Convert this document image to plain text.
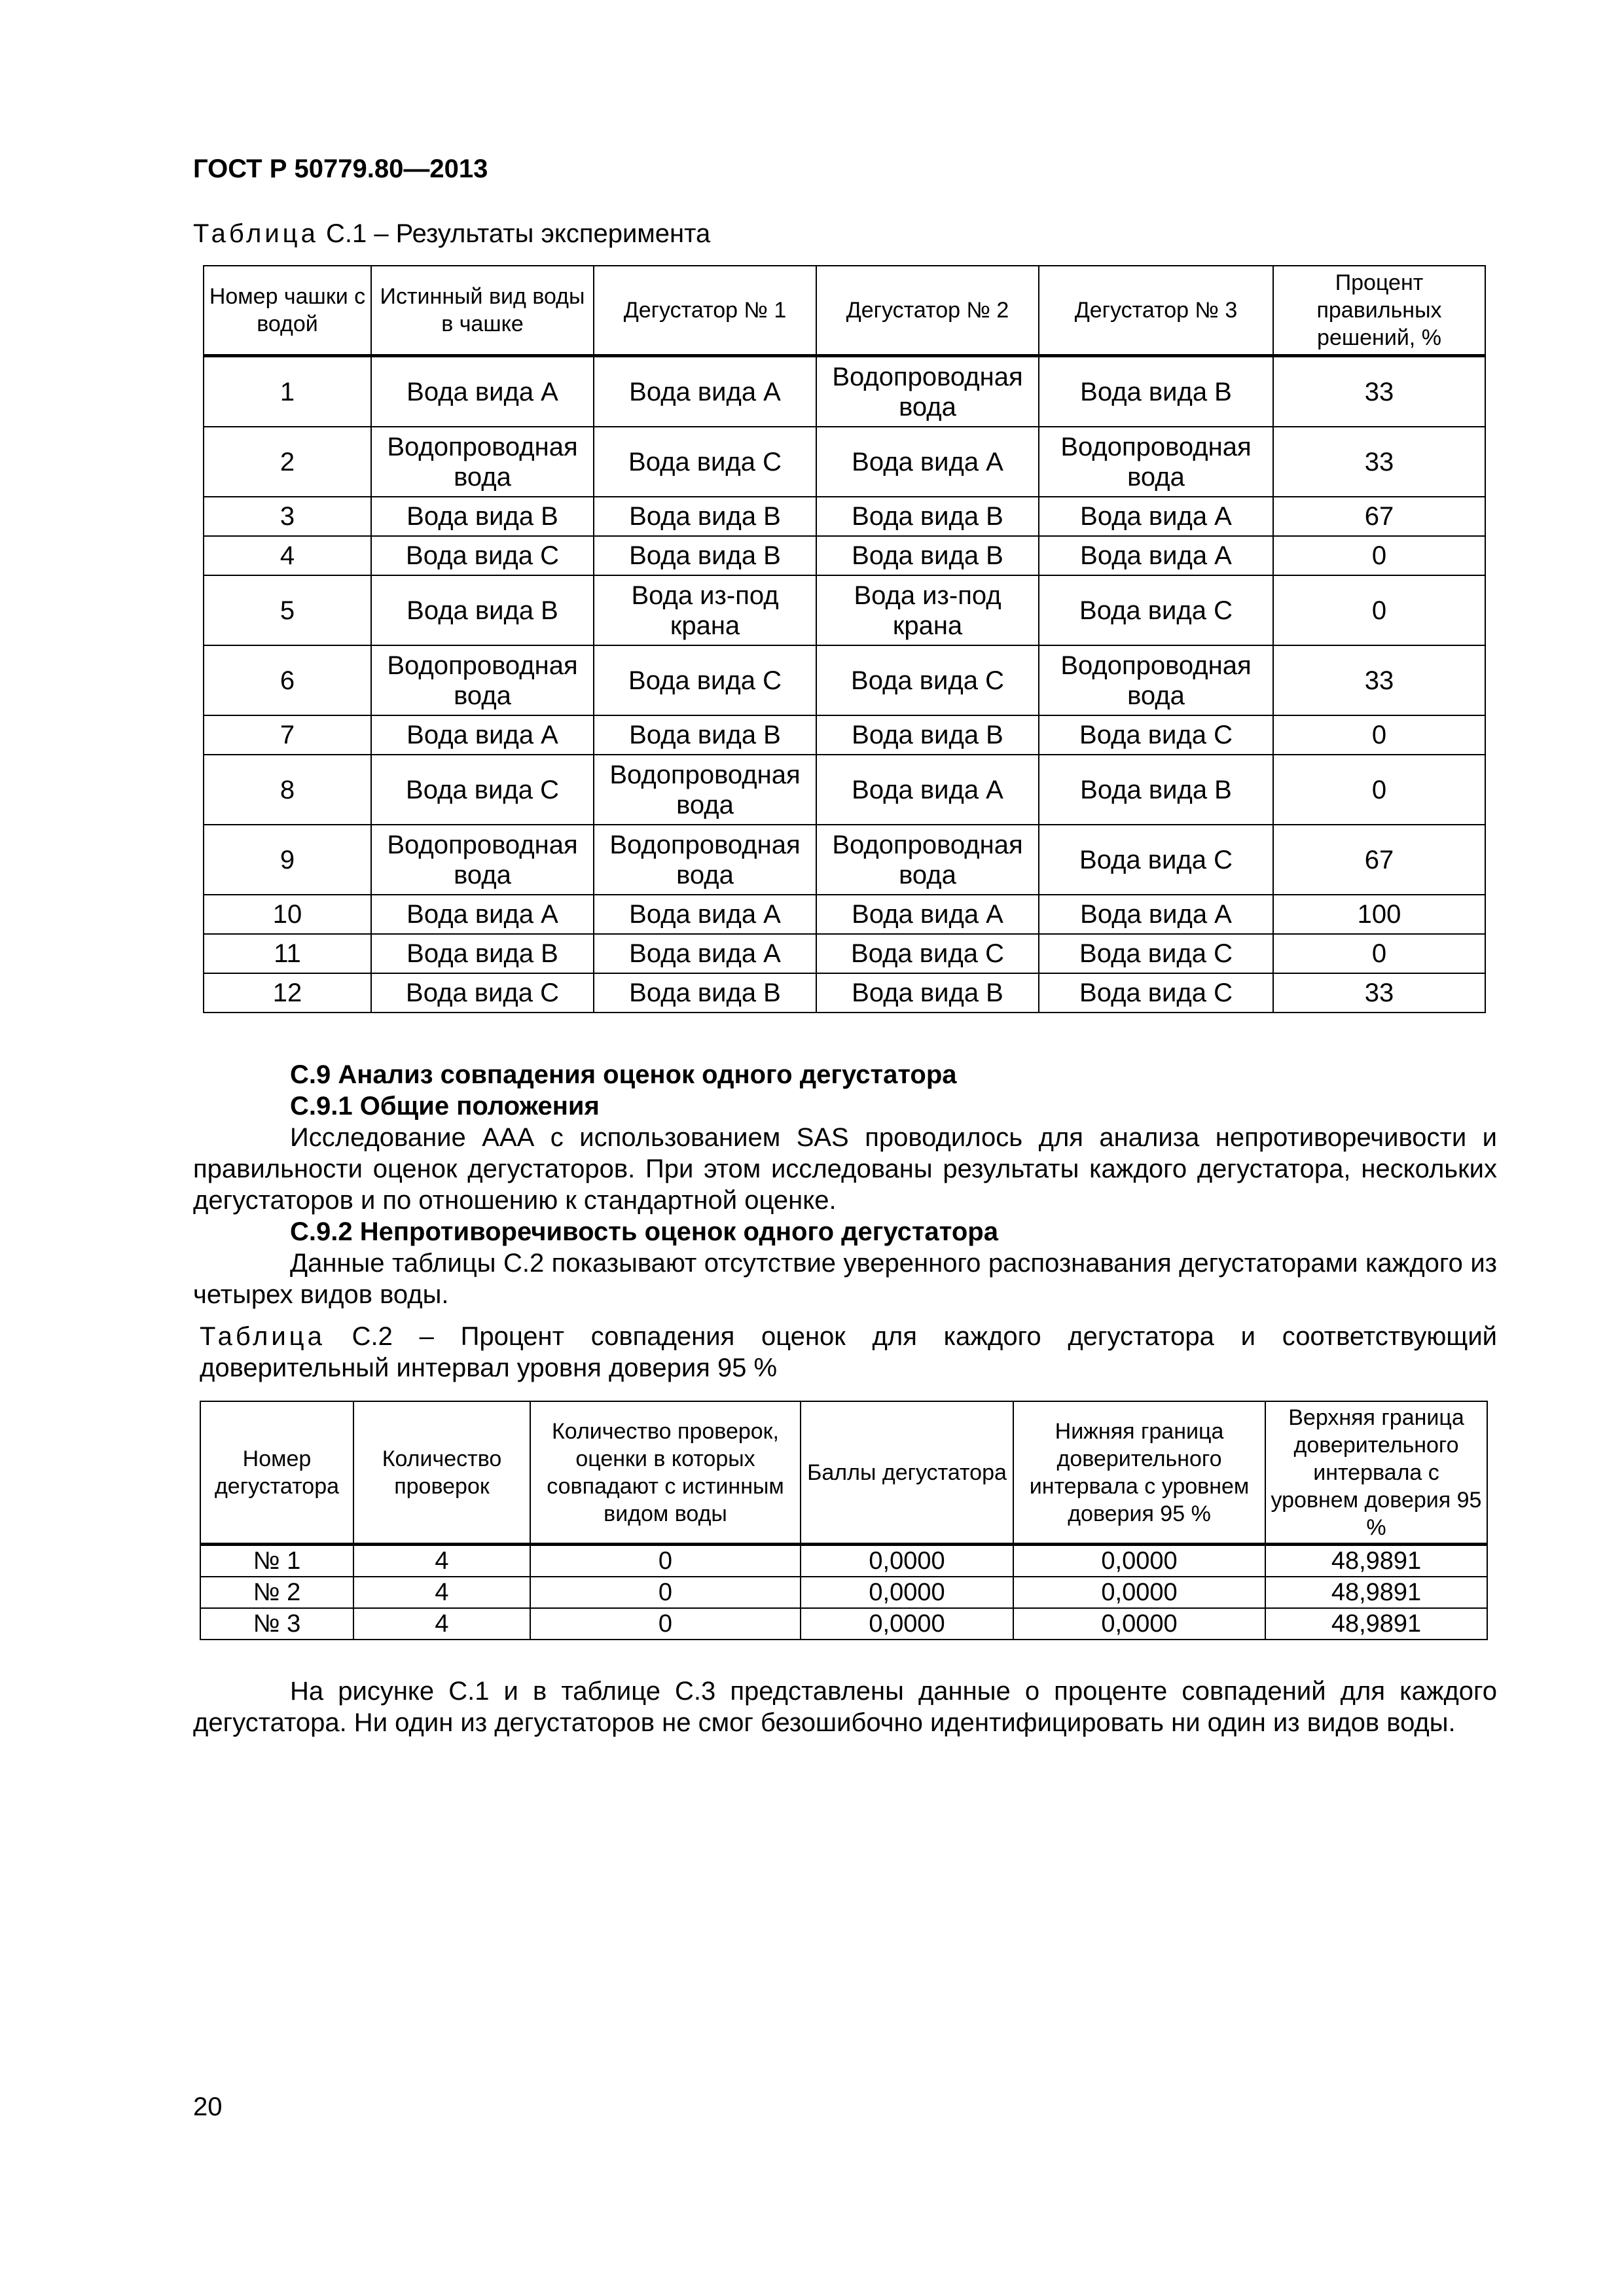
ГОСТ Р 50779.80—2013
Таблица С.1 – Результаты эксперимента
Номер чашки с водой	Истинный вид воды в чашке	Дегустатор № 1	Дегустатор № 2	Дегустатор № 3	Процент правильных решений, %
1	Вода вида А	Вода вида А	Водопроводная вода	Вода вида В	33
2	Водопроводная вода	Вода вида С	Вода вида А	Водопроводная вода	33
3	Вода вида В	Вода вида В	Вода вида В	Вода вида А	67
4	Вода вида С	Вода вида В	Вода вида В	Вода вида А	0
5	Вода вида В	Вода из-под крана	Вода из-под крана	Вода вида С	0
6	Водопроводная вода	Вода вида С	Вода вида С	Водопроводная вода	33
7	Вода вида А	Вода вида В	Вода вида В	Вода вида С	0
8	Вода вида С	Водопроводная вода	Вода вида А	Вода вида В	0
9	Водопроводная вода	Водопроводная вода	Водопроводная вода	Вода вида С	67
10	Вода вида А	Вода вида А	Вода вида А	Вода вида А	100
11	Вода вида В	Вода вида А	Вода вида С	Вода вида С	0
12	Вода вида С	Вода вида В	Вода вида В	Вода вида С	33

С.9 Анализ совпадения оценок одного дегустатора

С.9.1 Общие положения

Исследование ААА с использованием SAS проводилось для анализа непротиворечивости и правильности оценок дегустаторов. При этом исследованы результаты каждого дегустатора, нескольких дегустаторов и по отношению к стандартной оценке.

С.9.2 Непротиворечивость оценок одного дегустатора

Данные таблицы С.2 показывают отсутствие уверенного распознавания дегустаторами каждого из четырех видов воды.

Таблица С.2 – Процент совпадения оценок для каждого дегустатора и соответствующий доверительный интервал уровня доверия 95 %
Номер дегустатора	Количество проверок	Количество проверок, оценки в которых совпадают с истинным видом воды	Баллы дегустатора	Нижняя граница доверительного интервала с уровнем доверия 95 %	Верхняя граница доверительного интервала с уровнем доверия 95 %
№ 1	4	0	0,0000	0,0000	48,9891
№ 2	4	0	0,0000	0,0000	48,9891
№ 3	4	0	0,0000	0,0000	48,9891

На рисунке С.1 и в таблице С.3 представлены данные о проценте совпадений для каждого дегустатора. Ни один из дегустаторов не смог безошибочно идентифицировать ни один из видов воды.

20
